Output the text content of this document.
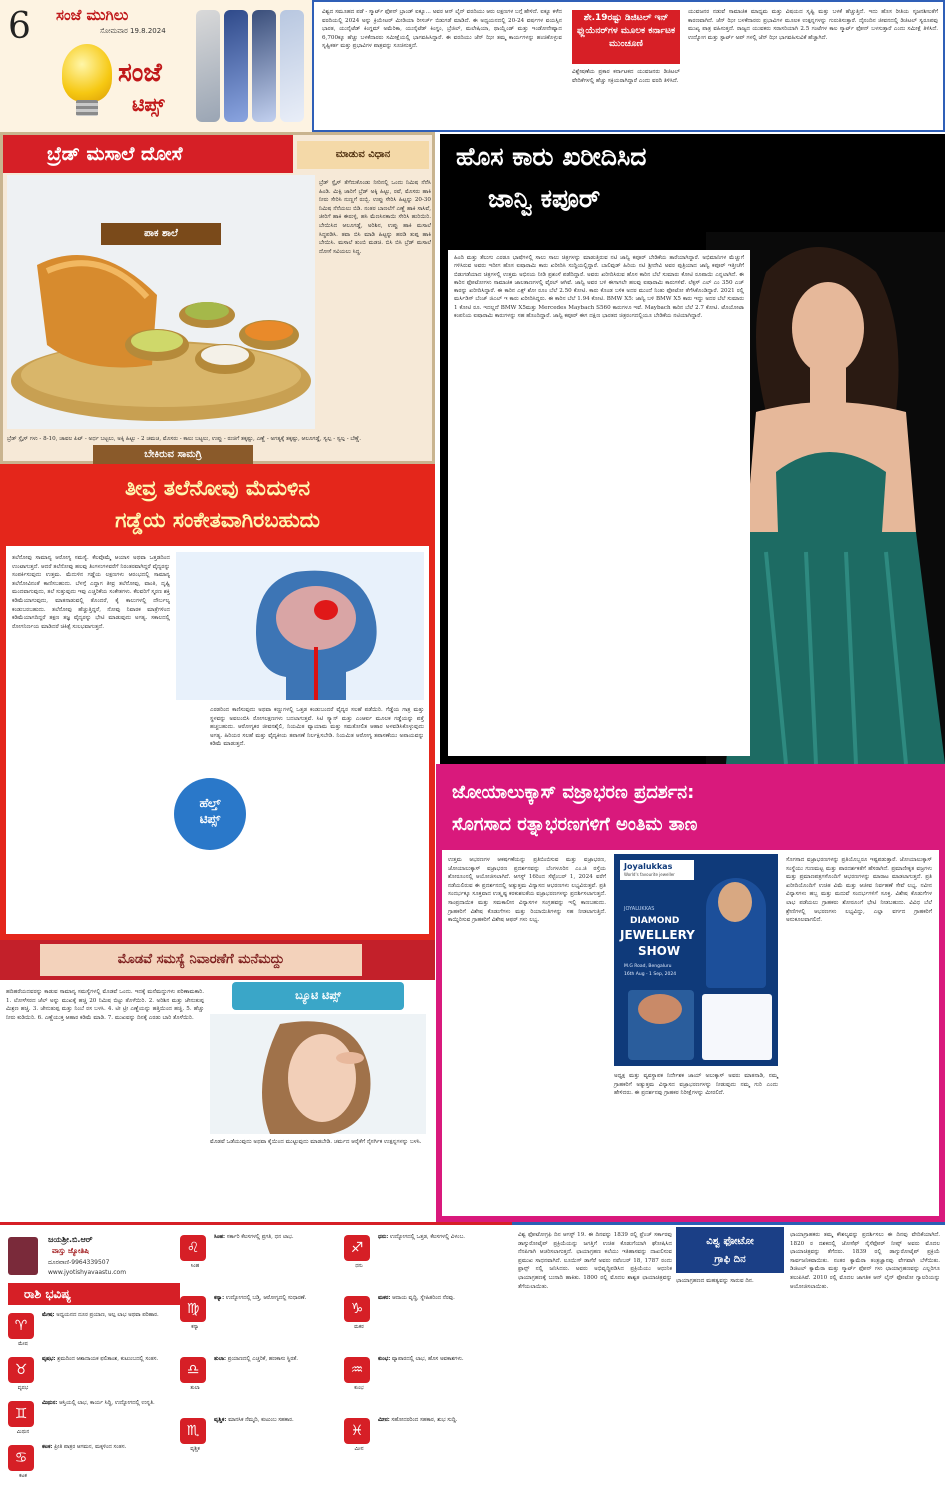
6 ಸಂಜೆ ಮುಗಿಲು
ಸೋಮವಾರ 19.8.2024
ಸಂಜೆ
ಟಿಪ್ಸ್
ವಿಶ್ವದ ಸಮೂಹದ ಪಡೆ - ಸ್ಮಾರ್ಟ್ ಫೋನ್ ಬ್ರಾಂಡ್ ಐಕ್ಯೂ... ಅವರ ಆನ್ ಲೈನ್ ವರದಿಯು ಆರು ಲಕ್ಷಣಗಳ ಬಗ್ಗೆ ಹೇಳಿದೆ. ಐಕ್ಯೂ ಕಳೆದ ವರದಿಯಲ್ಲಿ 2024 ಅನ್ನು ಕ್ರಿಯೇಟರ್ ಮೀಡಿಯಾ ರೀಸರ್ಚ್ ಬಿಡುಗಡೆ ಮಾಡಿದೆ. ಈ ಅಧ್ಯಯನದಲ್ಲಿ 20-24 ವರ್ಷಗಳ ವಯಸ್ಸಿನ ಭಾರತ, ಯುನೈಟೆಡ್ ಕಿಂಗ್ಡಮ್ ಅಮೆರಿಕಾ, ಯುನೈಟೆಡ್ ಕಿಂಗ್ಡಂ, ಬ್ರೆಜಿಲ್, ಮಲೇಷಿಯಾ, ಥಾಯ್ಲೆಂಡ್ ಮತ್ತು ಇಂಡೋನೇಷ್ಯಾದ 6,700ಕ್ಕೂ ಹೆಚ್ಚು ಬಳಕೆದಾರರು ಸಮೀಕ್ಷೆಯಲ್ಲಿ ಭಾಗವಹಿಸಿದ್ದಾರೆ. ಈ ವರದಿಯು ಜೆನ್ ಝೀ ತಮ್ಮ ಕಾರ್ಯಗಳನ್ನು ಹಂಚಿಕೊಳ್ಳುವ ಸೃಷ್ಟಿಕರ್ತ ಮತ್ತು ಪ್ರಭಾವಿಗಳ ಪಾತ್ರವನ್ನು ಸೂಚಿಸುತ್ತದೆ.
ಶೇ.19ರಷ್ಟು ಡಿಜಿಟಲ್ ಇನ್ ಫ್ಲುಯೆನರ್‌ಗಳ ಮೂಲಕ ಕರ್ನಾಟಕ ಮುಂಚೂಣಿ
ವಿಶ್ಲೇಷಣೆಯ ಪ್ರಕಾರ ಕರ್ನಾಟಕದ ಯುವಜನರು ಡಿಜಿಟಲ್ ವೇದಿಕೆಗಳಲ್ಲಿ ಹೆಚ್ಚು ಸಕ್ರಿಯರಾಗಿದ್ದಾರೆ ಎಂದು ವರದಿ ತಿಳಿಸಿದೆ.
ಯುವಜನರ ನಡುವೆ ಸಾಮಾಜಿಕ ಮಾಧ್ಯಮ ಮತ್ತು ವಿಷಯದ ಸೃಷ್ಟಿ ಮತ್ತು ಬಳಕೆ ಹೆಚ್ಚುತ್ತಿದೆ. ಇದು ಹೊಸ ರೀತಿಯ ಸೃಜನಶೀಲತೆಗೆ ಕಾರಣವಾಗಿದೆ. ಜೆನ್ ಝೀ ಬಳಕೆದಾರರು ಪ್ರಭಾವಿಗಳ ಮೂಲಕ ಉತ್ಪನ್ನಗಳನ್ನು ಗುರುತಿಸುತ್ತಾರೆ. ದೈನಂದಿನ ಜೀವನದಲ್ಲಿ ಡಿಜಿಟಲ್ ಸ್ವರೂಪವು ಮುಖ್ಯ ಪಾತ್ರ ವಹಿಸುತ್ತದೆ. ರಾಜ್ಯದ ಯುವಕರು ಸರಾಸರಿಯಾಗಿ 2.5 ಗಂಟೆಗಳ ಕಾಲ ಸ್ಮಾರ್ಟ್ ಫೋನ್ ಬಳಸುತ್ತಾರೆ ಎಂದು ಸಮೀಕ್ಷೆ ತಿಳಿಸಿದೆ. ಉದ್ಯೋಗ ಮತ್ತು ಸ್ಟಾರ್ಟ್ ಅಪ್ ಗಳಲ್ಲಿ ಜೆನ್ ಝೀ ಭಾಗವಹಿಸುವಿಕೆ ಹೆಚ್ಚಾಗಿದೆ.
ಬ್ರೆಡ್ ಮಸಾಲೆ ದೋಸೆ	ಮಾಡುವ ವಿಧಾನ
ಪಾಕ ಶಾಲೆ
ಬೇಕಿರುವ ಸಾಮಗ್ರಿ
ಬ್ರೆಡ್ ಸ್ಲೈಸ್ ತೆಗೆದುಕೊಂಡು ನೀರಿನಲ್ಲಿ ಒಂದು ನಿಮಿಷ ನೆನೆಸಿ ಹಿಂಡಿ. ಮಿಕ್ಸಿ ಜಾರಿಗೆ ಬ್ರೆಡ್ ಅಕ್ಕಿ ಹಿಟ್ಟು, ರವೆ, ಮೊಸರು ಹಾಕಿ ನೀರು ಸೇರಿಸಿ ನುಣ್ಣಗೆ ರುಬ್ಬಿ. ಉಪ್ಪು ಸೇರಿಸಿ ಹಿಟ್ಟನ್ನು 20-30 ನಿಮಿಷ ನೆನೆಯಲು ಬಿಡಿ. ನಂತರ ಬಾಣಲೆಗೆ ಎಣ್ಣೆ ಹಾಕಿ ಸಾಸಿವೆ, ಜೀರಿಗೆ ಹಾಕಿ ಈರುಳ್ಳಿ, ಹಸಿ ಮೆಣಸಿನಕಾಯಿ ಸೇರಿಸಿ ಹುರಿಯಿರಿ. ಬೇಯಿಸಿದ ಆಲೂಗಡ್ಡೆ, ಅರಿಶಿನ, ಉಪ್ಪು ಹಾಕಿ ಮಸಾಲೆ ಸಿದ್ಧಪಡಿಸಿ. ತವಾ ಬಿಸಿ ಮಾಡಿ ಹಿಟ್ಟನ್ನು ಹರಡಿ ತುಪ್ಪ ಹಾಕಿ ಬೇಯಿಸಿ. ಮಸಾಲೆ ತುಂಬಿ ಮಡಚಿ. ಬಿಸಿ ಬಿಸಿ ಬ್ರೆಡ್ ಮಸಾಲೆ ದೋಸೆ ಸವಿಯಲು ಸಿದ್ಧ.
ಬ್ರೆಡ್ ಸ್ಲೈಸ್ ಗಳು - 8-10, ಚಾವಲ ಪಿಟ್ - ಅರ್ಧ ಬಟ್ಟಲು, ಅಕ್ಕಿ ಹಿಟ್ಟು - 2 ಚಮಚ, ಮೊಸರು - ಕಾಲು ಬಟ್ಟಲು, ಉಪ್ಪು - ರುಚಿಗೆ ತಕ್ಕಷ್ಟು, ಎಣ್ಣೆ - ಅಗತ್ಯಕ್ಕೆ ತಕ್ಕಷ್ಟು, ಆಲೂಗಡ್ಡೆ, ಸ್ವಲ್ಪ - ಸ್ವಲ್ಪ - ಬೆಣ್ಣೆ.
ತೀವ್ರ ತಲೆನೋವು ಮೆದುಳಿನ
ಗಡ್ಡೆಯ ಸಂಕೇತವಾಗಿರಬಹುದು
ತಲೆನೋವು ಸಾಮಾನ್ಯ ಆರೋಗ್ಯ ಸಮಸ್ಯೆ. ಕೆಲವೊಮ್ಮೆ ಆಯಾಸ ಅಥವಾ ಒತ್ತಡದಿಂದ ಉಂಟಾಗುತ್ತದೆ. ಆದರೆ ತಲೆನೋವು ಹಲವು ತಿಂಗಳುಗಳವರೆಗೆ ನಿರಂತರವಾಗಿದ್ದರೆ ವೈದ್ಯರನ್ನು ಸಂಪರ್ಕಿಸುವುದು ಉತ್ತಮ. ಮೆದುಳಿನ ಗಡ್ಡೆಯ ಲಕ್ಷಣಗಳು ಆರಂಭದಲ್ಲಿ ಸಾಮಾನ್ಯ ತಲೆನೋವಿನಂತೆ ಕಾಣಿಸಬಹುದು. ಬೆಳಗ್ಗೆ ಎದ್ದಾಗ ತೀವ್ರ ತಲೆನೋವು, ವಾಂತಿ, ದೃಷ್ಟಿ ಮಂದವಾಗುವುದು, ತಲೆ ಸುತ್ತುವುದು ಇವು ಎಚ್ಚರಿಕೆಯ ಸಂಕೇತಗಳು. ಕೆಲವರಿಗೆ ಸ್ಮರಣ ಶಕ್ತಿ ಕಡಿಮೆಯಾಗುವುದು, ಮಾತನಾಡುವಲ್ಲಿ ತೊಂದರೆ, ಕೈ ಕಾಲುಗಳಲ್ಲಿ ದೌರ್ಬಲ್ಯ ಕಂಡುಬರಬಹುದು. ತಲೆನೋವು ಹೆಚ್ಚುತ್ತಿದ್ದರೆ, ನೋವು ನಿವಾರಕ ಮಾತ್ರೆಗಳಿಂದ ಕಡಿಮೆಯಾಗದಿದ್ದರೆ ತಕ್ಷಣ ತಜ್ಞ ವೈದ್ಯರನ್ನು ಭೇಟಿ ಮಾಡುವುದು ಅಗತ್ಯ. ಸಕಾಲದಲ್ಲಿ ರೋಗನಿರ್ಣಯ ಮಾಡಿದರೆ ಚಿಕಿತ್ಸೆ ಸುಲಭವಾಗುತ್ತದೆ.
ಎರಡರಿಂದ ಕಾಣಿಸುವುದು ಅಥವಾ ಕಣ್ಣುಗಳಲ್ಲಿ ಒತ್ತಡ ಕಂಡುಬಂದರೆ ವೈದ್ಯರ ಸಲಹೆ ಪಡೆಯಿರಿ. ಗೆಡ್ಡೆಯ ಗಾತ್ರ ಮತ್ತು ಸ್ಥಳವನ್ನು ಅವಲಂಬಿಸಿ ರೋಗಲಕ್ಷಣಗಳು ಬದಲಾಗುತ್ತವೆ. ಸಿಟಿ ಸ್ಕ್ಯಾನ್ ಮತ್ತು ಎಂಆರ್ಐ ಮೂಲಕ ಗಡ್ಡೆಯನ್ನು ಪತ್ತೆ ಹಚ್ಚಬಹುದು. ಆರೋಗ್ಯಕರ ಜೀವನಶೈಲಿ, ನಿಯಮಿತ ವ್ಯಾಯಾಮ ಮತ್ತು ಸಮತೋಲಿತ ಆಹಾರ ಅಳವಡಿಸಿಕೊಳ್ಳುವುದು ಅಗತ್ಯ. ಹಿರಿಯರ ಸಲಹೆ ಮತ್ತು ವೈದ್ಯಕೀಯ ತಪಾಸಣೆ ನಿರ್ಲಕ್ಷಿಸಬೇಡಿ. ನಿಯಮಿತ ಆರೋಗ್ಯ ತಪಾಸಣೆಯು ಅಪಾಯವನ್ನು ಕಡಿಮೆ ಮಾಡುತ್ತದೆ.
ಹೆಲ್ತ್
ಟಿಪ್ಸ್
ಮೊಡವೆ ಸಮಸ್ಯೆ ನಿವಾರಣೆಗೆ ಮನೆಮದ್ದು
ಹದಿಹರೆಯದವರನ್ನು ಕಾಡುವ ಸಾಮಾನ್ಯ ಸಮಸ್ಯೆಗಳಲ್ಲಿ ಮೊಡವೆ ಒಂದು. ಇದಕ್ಕೆ ಮನೆಮದ್ದುಗಳು ಪರಿಣಾಮಕಾರಿ. 1. ಲೋಳೆಸರದ ಜೆಲ್ ಅನ್ನು ಮುಖಕ್ಕೆ ಹಚ್ಚಿ 20 ನಿಮಿಷ ಬಿಟ್ಟು ತೊಳೆಯಿರಿ. 2. ಅರಿಶಿನ ಮತ್ತು ಜೇನುತುಪ್ಪ ಮಿಶ್ರಣ ಹಚ್ಚಿ. 3. ಜೇನುತುಪ್ಪ ಮತ್ತು ನಿಂಬೆ ರಸ ಬಳಸಿ. 4. ಟೀ ಟ್ರೀ ಎಣ್ಣೆಯನ್ನು ಹತ್ತಿಯಿಂದ ಹಚ್ಚಿ. 5. ಹೆಚ್ಚು ನೀರು ಕುಡಿಯಿರಿ. 6. ಎಣ್ಣೆಯುಕ್ತ ಆಹಾರ ಕಡಿಮೆ ಮಾಡಿ. 7. ಮುಖವನ್ನು ದಿನಕ್ಕೆ ಎರಡು ಬಾರಿ ತೊಳೆಯಿರಿ.
ಬ್ಯೂಟಿ ಟಿಪ್ಸ್
ಮೊಡವೆ ಒಡೆಯುವುದು ಅಥವಾ ಕೈಯಿಂದ ಮುಟ್ಟುವುದು ಮಾಡಬೇಡಿ. ಚರ್ಮದ ಆರೈಕೆಗೆ ನೈಸರ್ಗಿಕ ಉತ್ಪನ್ನಗಳನ್ನು ಬಳಸಿ.
ಹೊಸ ಕಾರು ಖರೀದಿಸಿದ
ಜಾನ್ವಿ ಕಪೂರ್
ಹಿಂದಿ ಮತ್ತು ತೆಲುಗು ಎರಡೂ ಭಾಷೆಗಳಲ್ಲಿ ಸಾಲು ಸಾಲು ಚಿತ್ರಗಳನ್ನು ಮಾಡುತ್ತಿರುವ ನಟಿ ಜಾನ್ವಿ ಕಪೂರ್ ಬೇಡಿಕೆಯ ತಾರೆಯಾಗಿದ್ದಾರೆ. ಅಭಿಮಾನಿಗಳ ಮೆಚ್ಚುಗೆ ಗಳಿಸಿರುವ ಅವರು ಇದೀಗ ಹೊಸ ಐಷಾರಾಮಿ ಕಾರು ಖರೀದಿಸಿ ಸುದ್ದಿಯಲ್ಲಿದ್ದಾರೆ. ಬಾಲಿವುಡ್ ಹಿರಿಯ ನಟಿ ಶ್ರೀದೇವಿ ಅವರ ಪುತ್ರಿಯಾದ ಜಾನ್ವಿ ಕಪೂರ್ ಇತ್ತೀಚೆಗೆ ಬಿಡುಗಡೆಯಾದ ಚಿತ್ರಗಳಲ್ಲಿ ಉತ್ತಮ ಅಭಿನಯ ನೀಡಿ ಪ್ರಶಂಸೆ ಪಡೆದಿದ್ದಾರೆ. ಅವರು ಖರೀದಿಸಿರುವ ಹೊಸ ಕಾರಿನ ಬೆಲೆ ಸುಮಾರು ಕೋಟಿ ರೂಪಾಯಿ ಎನ್ನಲಾಗಿದೆ. ಈ ಕಾರಿನ ಫೋಟೋಗಳು ಸಾಮಾಜಿಕ ಜಾಲತಾಣಗಳಲ್ಲಿ ವೈರಲ್ ಆಗಿವೆ. ಜಾನ್ವಿ ಅವರ ಬಳಿ ಈಗಾಗಲೇ ಹಲವು ಐಷಾರಾಮಿ ಕಾರುಗಳಿವೆ. ಲೆಕ್ಸಸ್ ಎಲ್ ಎಂ 350 ಎಚ್ ಕಾರನ್ನು ಖರೀದಿಸಿದ್ದಾರೆ. ಈ ಕಾರಿನ ಎಕ್ಸ್ ಶೋ ರೂಂ ಬೆಲೆ 2.50 ಕೋಟಿ. ಕಾರು ಕೊಂಡ ಬಳಿಕ ಅದರ ಮುಂದೆ ನಿಂತು ಫೋಟೋ ತೆಗೆಸಿಕೊಂಡಿದ್ದಾರೆ. 2021 ರಲ್ಲಿ ಮರ್ಸಿಡಿಸ್ ಬೆಂಜ್ ಜಿಎಲ್ ಇ ಕಾರು ಖರೀದಿಸಿದ್ದರು. ಈ ಕಾರಿನ ಬೆಲೆ 1.94 ಕೋಟಿ. BMW X5: ಜಾನ್ವಿ ಬಳಿ BMW X5 ಕಾರು ಇದ್ದು ಅದರ ಬೆಲೆ ಸುಮಾರು 1 ಕೋಟಿ ರೂ. ಇದಲ್ಲದೆ BMW X5ಮತ್ತು Mercedes Maybach S560 ಕಾರುಗಳೂ ಇವೆ. Maybach ಕಾರಿನ ಬೆಲೆ 2.7 ಕೋಟಿ. ಟೊಯೋಟಾ ಕಂಪನಿಯ ಐಷಾರಾಮಿ ಕಾರುಗಳನ್ನು ಸಹ ಹೊಂದಿದ್ದಾರೆ. ಜಾನ್ವಿ ಕಪೂರ್ ಈಗ ದಕ್ಷಿಣ ಭಾರತದ ಚಿತ್ರರಂಗದಲ್ಲಿಯೂ ಬೇಡಿಕೆಯ ನಟಿಯಾಗಿದ್ದಾರೆ.
ಜೋಯಾಲುಕ್ಕಾಸ್ ವಜ್ರಾಭರಣ ಪ್ರದರ್ಶನ:
ಸೊಗಸಾದ ರತ್ನಾಭರಣಗಳಿಗೆ ಅಂತಿಮ ತಾಣ
ಉತ್ತಮ ಆಭರಣಗಳ ಆಕರ್ಷಣೆಯನ್ನು ಪ್ರತಿಬಿಂಬಿಸುವ ಮತ್ತು ವಜ್ರಾಭರಣ, ಜೋಯಾಲುಕ್ಕಾಸ್ ವಜ್ರಾಭರಣ ಪ್ರದರ್ಶನವನ್ನು ಬೆಂಗಳೂರಿನ ಎಂ.ಜಿ ರಸ್ತೆಯ ಶೋರೂಂನಲ್ಲಿ ಆಯೋಜಿಸಲಾಗಿದೆ. ಆಗಸ್ಟ್ 16ರಿಂದ ಸೆಪ್ಟೆಂಬರ್ 1, 2024 ವರೆಗೆ ನಡೆಯಲಿರುವ ಈ ಪ್ರದರ್ಶನದಲ್ಲಿ ಅತ್ಯುತ್ತಮ ವಿನ್ಯಾಸದ ಆಭರಣಗಳು ಲಭ್ಯವಿರುತ್ತವೆ. ಪ್ರತಿ ಸಂದರ್ಭಕ್ಕೂ ಸೂಕ್ತವಾದ ಉತ್ಕೃಷ್ಟ ಕರಕುಶಲತೆಯ ವಜ್ರಾಭರಣಗಳನ್ನು ಪ್ರದರ್ಶಿಸಲಾಗುತ್ತದೆ. ಸಾಂಪ್ರದಾಯಿಕ ಮತ್ತು ಸಮಕಾಲೀನ ವಿನ್ಯಾಸಗಳ ಸಂಗ್ರಹವನ್ನು ಇಲ್ಲಿ ಕಾಣಬಹುದು. ಗ್ರಾಹಕರಿಗೆ ವಿಶೇಷ ಕೊಡುಗೆಗಳು ಮತ್ತು ರಿಯಾಯಿತಿಗಳನ್ನು ಸಹ ನೀಡಲಾಗುತ್ತಿದೆ. ಕಾಯ್ದಿರಿಸುವ ಗ್ರಾಹಕರಿಗೆ ವಿಶೇಷ ಆಫರ್ ಗಳು ಲಭ್ಯ.
Joyalukkas
World's favourite jeweller
JOYALUKKAS
DIAMOND
JEWELLERY
SHOW
M.G Road, Bengaluru
16th Aug - 1 Sep, 2024
ಅಧ್ಯಕ್ಷ ಮತ್ತು ವ್ಯವಸ್ಥಾಪಕ ನಿರ್ದೇಶಕ ಜಾಯ್ ಅಲುಕ್ಕಾಸ್ ಅವರು ಮಾತನಾಡಿ, ನಮ್ಮ ಗ್ರಾಹಕರಿಗೆ ಅತ್ಯುತ್ತಮ ವಿನ್ಯಾಸದ ವಜ್ರಾಭರಣಗಳನ್ನು ನೀಡುವುದು ನಮ್ಮ ಗುರಿ ಎಂದು ಹೇಳಿದರು. ಈ ಪ್ರದರ್ಶನವು ಗ್ರಾಹಕರ ನಿರೀಕ್ಷೆಗಳನ್ನು ಮೀರಲಿದೆ.
ಸೊಗಸಾದ ವಜ್ರಾಭರಣಗಳನ್ನು ಪ್ರತಿಯೊಬ್ಬರೂ ಇಷ್ಟಪಡುತ್ತಾರೆ. ಜೋಯಾಲುಕ್ಕಾಸ್ ಸಂಸ್ಥೆಯು ಗುಣಮಟ್ಟ ಮತ್ತು ಪಾರದರ್ಶಕತೆಗೆ ಹೆಸರಾಗಿದೆ. ಪ್ರಮಾಣೀಕೃತ ವಜ್ರಗಳು ಮತ್ತು ಪ್ರಮಾಣಪತ್ರಗಳೊಂದಿಗೆ ಆಭರಣಗಳನ್ನು ಮಾರಾಟ ಮಾಡಲಾಗುತ್ತದೆ. ಪ್ರತಿ ಖರೀದಿಯೊಂದಿಗೆ ಉಚಿತ ವಿಮೆ ಮತ್ತು ಆಜೀವ ನಿರ್ವಹಣೆ ಸೇವೆ ಲಭ್ಯ. ನವೀನ ವಿನ್ಯಾಸಗಳು ಹಬ್ಬ ಮತ್ತು ಮದುವೆ ಸಂದರ್ಭಗಳಿಗೆ ಸೂಕ್ತ. ವಿಶೇಷ ಕೊಡುಗೆಗಳ ಲಾಭ ಪಡೆಯಲು ಗ್ರಾಹಕರು ಶೋರೂಂಗೆ ಭೇಟಿ ನೀಡಬಹುದು. ವಿವಿಧ ಬೆಲೆ ಶ್ರೇಣಿಗಳಲ್ಲಿ ಆಭರಣಗಳು ಲಭ್ಯವಿದ್ದು, ಎಲ್ಲಾ ವರ್ಗದ ಗ್ರಾಹಕರಿಗೆ ಅನುಕೂಲವಾಗಲಿದೆ.
ಜಯಶ್ರೀ.ಬಿ.ಆರ್
ವಾಸ್ತು ಜ್ಯೋತಿಷಿ
ದೂರವಾಣಿ-9964339507
www.jyotishyavaastu.com
ರಾಶಿ ಭವಿಷ್ಯ
♈
ಮೇಷ
ಮೇಷ: ಅಧ್ಯಯನದ ದೂರ ಪ್ರಯಾಣ, ಅಲ್ಪ ಲಾಭ ಅಥವಾ ಪರಿಹಾರ.
♉
ವೃಷಭ
ವೃಷಭ: ಶ್ರಮದಿಂದ ಆಶಾದಾಯಕ ಫಲಿತಾಂಶ, ಕುಟುಂಬದಲ್ಲಿ ಸಂತಸ.
♊
ಮಿಥುನ
ಮಿಥುನ: ಆಸ್ತಿಯಲ್ಲಿ ಲಾಭ, ಕಾರ್ಯ ಸಿದ್ಧಿ, ಉದ್ಯೋಗದಲ್ಲಿ ಉನ್ನತಿ.
♋
ಕಟಕ
ಕಟಕ: ಪ್ರೀತಿ ಪಾತ್ರರ ಆಗಮನ, ಮಕ್ಕಳಿಂದ ಸಂತಸ.
♌
ಸಿಂಹ
ಸಿಂಹ: ಸರ್ಕಾರಿ ಕೆಲಸಗಳಲ್ಲಿ ಪ್ರಗತಿ, ಧನ ಲಾಭ.
♍
ಕನ್ಯಾ
ಕನ್ಯಾ: ಉದ್ಯೋಗದಲ್ಲಿ ಬಡ್ತಿ, ಆರೋಗ್ಯದಲ್ಲಿ ಸುಧಾರಣೆ.
♎
ತುಲಾ
ತುಲಾ: ಪ್ರಯಾಣದಲ್ಲಿ ಎಚ್ಚರಿಕೆ, ಹಣಕಾಸು ಸ್ಥಿರತೆ.
♏
ವೃಶ್ಚಿಕ
ವೃಶ್ಚಿಕ: ಮಾನಸಿಕ ನೆಮ್ಮದಿ, ಕುಟುಂಬ ಸಹಕಾರ.
♐
ಧನು
ಧನು: ಉದ್ಯೋಗದಲ್ಲಿ ಒತ್ತಡ, ಕೆಲಸಗಳಲ್ಲಿ ವಿಳಂಬ.
♑
ಮಕರ
ಮಕರ: ಆದಾಯ ವೃದ್ಧಿ, ಸ್ನೇಹಿತರಿಂದ ನೆರವು.
♒
ಕುಂಭ
ಕುಂಭ: ವ್ಯಾಪಾರದಲ್ಲಿ ಲಾಭ, ಹೊಸ ಅವಕಾಶಗಳು.
♓
ಮೀನ
ಮೀನ: ಸಹೋದರರಿಂದ ಸಹಕಾರ, ಶುಭ ಸುದ್ದಿ.
ವಿಶ್ವ ಫೋಟೋಗ್ರಫಿ ದಿನ ಆಗಸ್ಟ್ 19. ಈ ದಿನವನ್ನು 1839 ರಲ್ಲಿ ಫ್ರೆಂಚ್ ಸರ್ಕಾರವು ಡಾಗ್ಯುರೋಟೈಪ್ ಪ್ರಕ್ರಿಯೆಯನ್ನು ಜಗತ್ತಿಗೆ ಉಚಿತ ಕೊಡುಗೆಯಾಗಿ ಘೋಷಿಸಿದ ನೆನಪಿಗಾಗಿ ಆಚರಿಸಲಾಗುತ್ತದೆ. ಛಾಯಾಗ್ರಹಣ ಕಲೆಯು ಇತಿಹಾಸವನ್ನು ದಾಖಲಿಸುವ ಪ್ರಮುಖ ಸಾಧನವಾಗಿದೆ. ಲೂಯಿಸ್ ಡಾಗೆರೆ ಅವರು ನವೆಂಬರ್ 18, 1787 ರಂದು ಫ್ರಾನ್ಸ್ ನಲ್ಲಿ ಜನಿಸಿದರು. ಅವರು ಅಭಿವೃದ್ಧಿಪಡಿಸಿದ ಪ್ರಕ್ರಿಯೆಯು ಆಧುನಿಕ ಛಾಯಾಗ್ರಹಣಕ್ಕೆ ಬುನಾದಿ ಹಾಕಿತು. 1800 ರಲ್ಲಿ ಮೊದಲ ಶಾಶ್ವತ ಛಾಯಾಚಿತ್ರವನ್ನು ತೆಗೆಯಲಾಯಿತು.
ವಿಶ್ವ ಫೋಟೋ
ಗ್ರಾಫಿ ದಿನ
ಛಾಯಾಗ್ರಹಣದ ಮಹತ್ವವನ್ನು ಸಾರುವ ದಿನ.
ಛಾಯಾಗ್ರಾಹಕರು ತಮ್ಮ ಕೌಶಲ್ಯವನ್ನು ಪ್ರದರ್ಶಿಸಲು ಈ ದಿನವು ವೇದಿಕೆಯಾಗಿದೆ. 1820 ರ ದಶಕದಲ್ಲಿ ಜೋಸೆಫ್ ನೈಸೆಫೋರ್ ನೀಪ್ಸ್ ಅವರು ಮೊದಲ ಛಾಯಾಚಿತ್ರವನ್ನು ತೆಗೆದರು. 1839 ರಲ್ಲಿ ಡಾಗ್ಯುರೋಟೈಪ್ ಪ್ರಕ್ರಿಯೆ ಸಾರ್ವಜನಿಕವಾಯಿತು. ನಂತರ ಕ್ಯಾಮೆರಾ ತಂತ್ರಜ್ಞಾನವು ವೇಗವಾಗಿ ಬೆಳೆಯಿತು. ಡಿಜಿಟಲ್ ಕ್ಯಾಮೆರಾ ಮತ್ತು ಸ್ಮಾರ್ಟ್ ಫೋನ್ ಗಳು ಛಾಯಾಗ್ರಹಣವನ್ನು ಎಲ್ಲರಿಗೂ ತಲುಪಿಸಿವೆ. 2010 ರಲ್ಲಿ ಮೊದಲ ಜಾಗತಿಕ ಆನ್ ಲೈನ್ ಫೋಟೋ ಗ್ಯಾಲರಿಯನ್ನು ಆಯೋಜಿಸಲಾಯಿತು.
